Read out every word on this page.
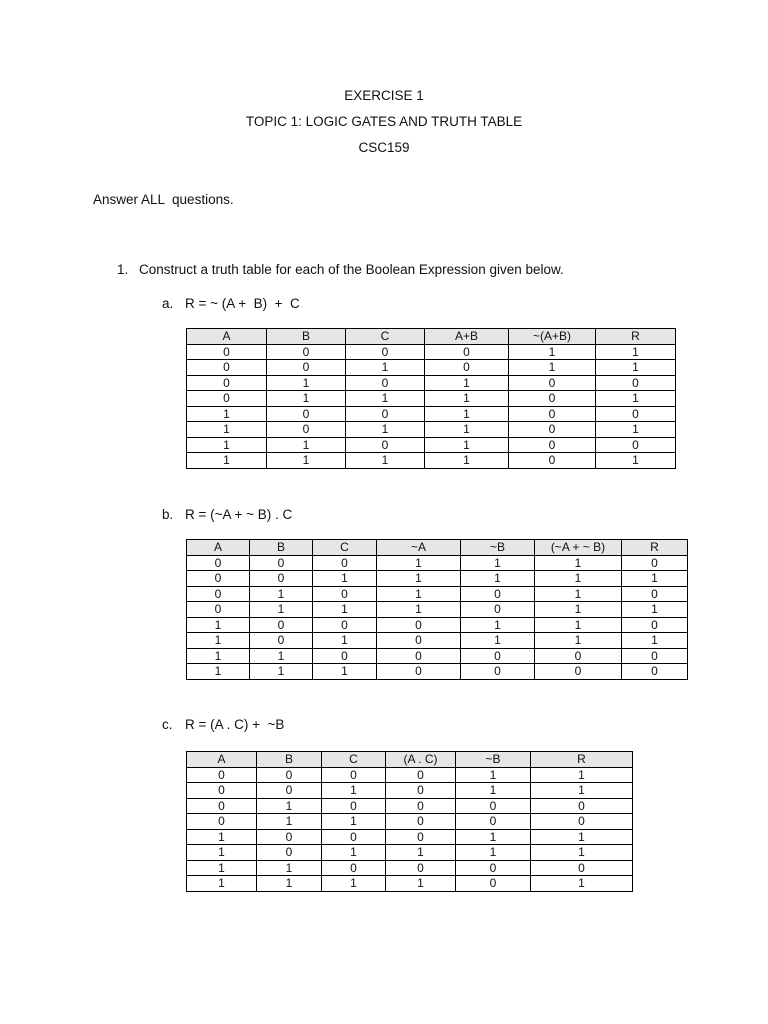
EXERCISE 1
TOPIC 1: LOGIC GATES AND TRUTH TABLE
CSC159
Answer ALL  questions.
1. Construct a truth table for each of the Boolean Expression given below.
a. R = ~ (A +  B)  +  C
A	B	C	A+B	~(A+B)	R
0	0	0	0	1	1
0	0	1	0	1	1
0	1	0	1	0	0
0	1	1	1	0	1
1	0	0	1	0	0
1	0	1	1	0	1
1	1	0	1	0	0
1	1	1	1	0	1
b. R = (~A + ~ B) . C
A	B	C	~A	~B	(~A + ~ B)	R
0	0	0	1	1	1	0
0	0	1	1	1	1	1
0	1	0	1	0	1	0
0	1	1	1	0	1	1
1	0	0	0	1	1	0
1	0	1	0	1	1	1
1	1	0	0	0	0	0
1	1	1	0	0	0	0
c. R = (A . C) +  ~B
A	B	C	(A . C)	~B	R
0	0	0	0	1	1
0	0	1	0	1	1
0	1	0	0	0	0
0	1	1	0	0	0
1	0	0	0	1	1
1	0	1	1	1	1
1	1	0	0	0	0
1	1	1	1	0	1
